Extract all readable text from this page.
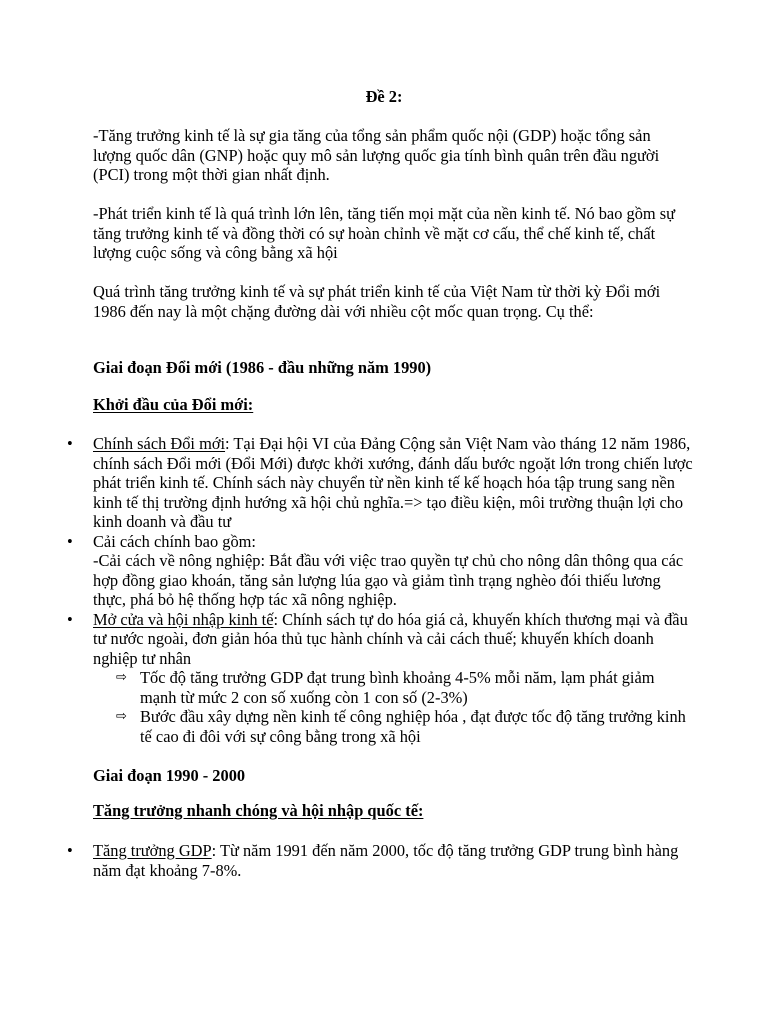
Đề 2:
-Tăng trưởng kinh tế là sự gia tăng của tổng sản phẩm quốc nội (GDP) hoặc tổng sản lượng quốc dân (GNP) hoặc quy mô sản lượng quốc gia tính bình quân trên đầu người (PCI) trong một thời gian nhất định.
-Phát triển kinh tế là quá trình lớn lên, tăng tiến mọi mặt của nền kinh tế. Nó bao gồm sự tăng trưởng kinh tế và đồng thời có sự hoàn chỉnh về mặt cơ cấu, thể chế kinh tế, chất lượng cuộc sống và công bằng xã hội
Quá trình tăng trưởng kinh tế và sự phát triển kinh tế của Việt Nam từ thời kỳ Đổi mới 1986 đến nay là một chặng đường dài với nhiều cột mốc quan trọng. Cụ thể:
Giai đoạn Đổi mới (1986 - đầu những năm 1990)
Khởi đầu của Đổi mới:
• Chính sách Đổi mới: Tại Đại hội VI của Đảng Cộng sản Việt Nam vào tháng 12 năm 1986, chính sách Đổi mới (Đổi Mới) được khởi xướng, đánh dấu bước ngoặt lớn trong chiến lược phát triển kinh tế. Chính sách này chuyển từ nền kinh tế kế hoạch hóa tập trung sang nền kinh tế thị trường định hướng xã hội chủ nghĩa.=> tạo điều kiện, môi trường thuận lợi cho kinh doanh và đầu tư
• Cải cách chính bao gồm:
-Cải cách về nông nghiệp: Bắt đầu với việc trao quyền tự chủ cho nông dân thông qua các hợp đồng giao khoán, tăng sản lượng lúa gạo và giảm tình trạng nghèo đói thiếu lương thực, phá bỏ hệ thống hợp tác xã nông nghiệp.
• Mở cửa và hội nhập kinh tế: Chính sách tự do hóa giá cả, khuyến khích thương mại và đầu tư nước ngoài, đơn giản hóa thủ tục hành chính và cải cách thuế; khuyến khích doanh nghiệp tư nhân
⇨ Tốc độ tăng trưởng GDP đạt trung bình khoảng 4-5% mỗi năm, lạm phát giảm mạnh từ mức 2 con số xuống còn 1 con số (2-3%)
⇨ Bước đầu xây dựng nền kinh tế công nghiệp hóa , đạt được tốc độ tăng trưởng kinh tế cao đi đôi với sự công bằng trong xã hội
Giai đoạn 1990 - 2000
Tăng trưởng nhanh chóng và hội nhập quốc tế:
• Tăng trưởng GDP: Từ năm 1991 đến năm 2000, tốc độ tăng trưởng GDP trung bình hàng năm đạt khoảng 7-8%.
